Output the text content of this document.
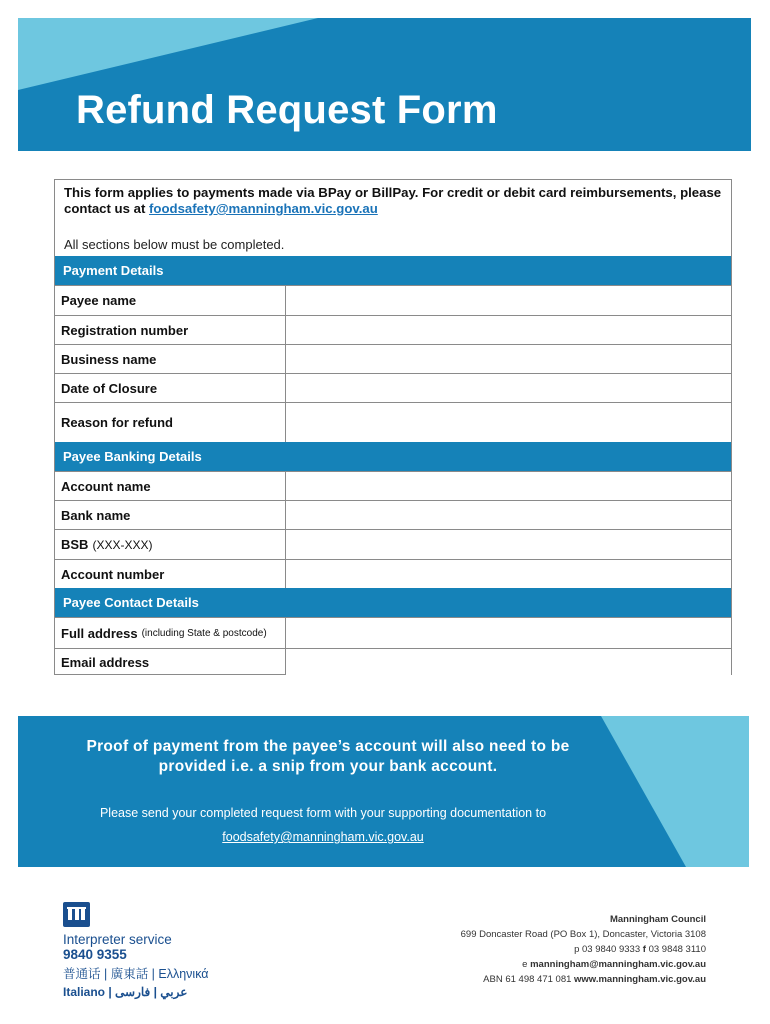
Refund Request Form
This form applies to payments made via BPay or BillPay. For credit or debit card reimbursements, please contact us at foodsafety@manningham.vic.gov.au
All sections below must be completed.
Payment Details
Payee name
Registration number
Business name
Date of Closure
Reason for refund
Payee Banking Details
Account name
Bank name
BSB (XXX-XXX)
Account number
Payee Contact Details
Full address (including State & postcode)
Email address
Proof of payment from the payee’s account will also need to be
provided i.e. a snip from your bank account.
Please send your completed request form with your supporting documentation to
foodsafety@manningham.vic.gov.au
Interpreter service
9840 9355
普通话 | 廣東話 | Ελληνικά
Italiano | عربي | فارسی
Manningham Council
699 Doncaster Road (PO Box 1), Doncaster, Victoria 3108
p 03 9840 9333 f 03 9848 3110
e manningham@manningham.vic.gov.au
ABN 61 498 471 081 www.manningham.vic.gov.au
